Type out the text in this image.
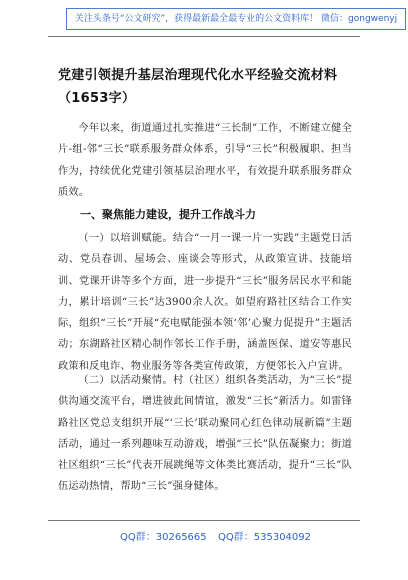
关注头条号“公文研究”，获得最新最全最专业的公文资料库！ 微信：gongwenyj
党建引领提升基层治理现代化水平经验交流材料（1653字）
今年以来，街道通过扎实推进“三长制”工作，不断建立健全片-组-邻“三长”联系服务群众体系，引导“三长”积极履职、担当作为，持续优化党建引领基层治理水平，有效提升联系服务群众质效。
一、聚焦能力建设，提升工作战斗力
（一）以培训赋能。结合“一月一课一片一实践”主题党日活动、党员春训、屋场会、座谈会等形式，从政策宣讲、技能培训、党课开讲等多个方面，进一步提升“三长”服务居民水平和能力，累计培训“三长”达3900余人次。如望府路社区结合工作实际，组织“三长”开展“充电赋能强本领‘邻’心聚力促提升”主题活动；东湖路社区精心制作邻长工作手册，涵盖医保、道安等惠民政策和反电诈、物业服务等各类宣传政策，方便邻长入户宣讲。
（二）以活动聚情。村（社区）组织各类活动，为“三长”提供沟通交流平台，增进彼此间情谊，激发“三长”新活力。如雷锋路社区党总支组织开展“‘三长’联动聚同心红色律动展新篇”主题活动，通过一系列趣味互动游戏，增强“三长”队伍凝聚力；街道社区组织“三长”代表开展跳绳等文体类比赛活动，提升“三长”队伍运动热情，帮助“三长”强身健体。
QQ群：30265665 QQ群：535304092
